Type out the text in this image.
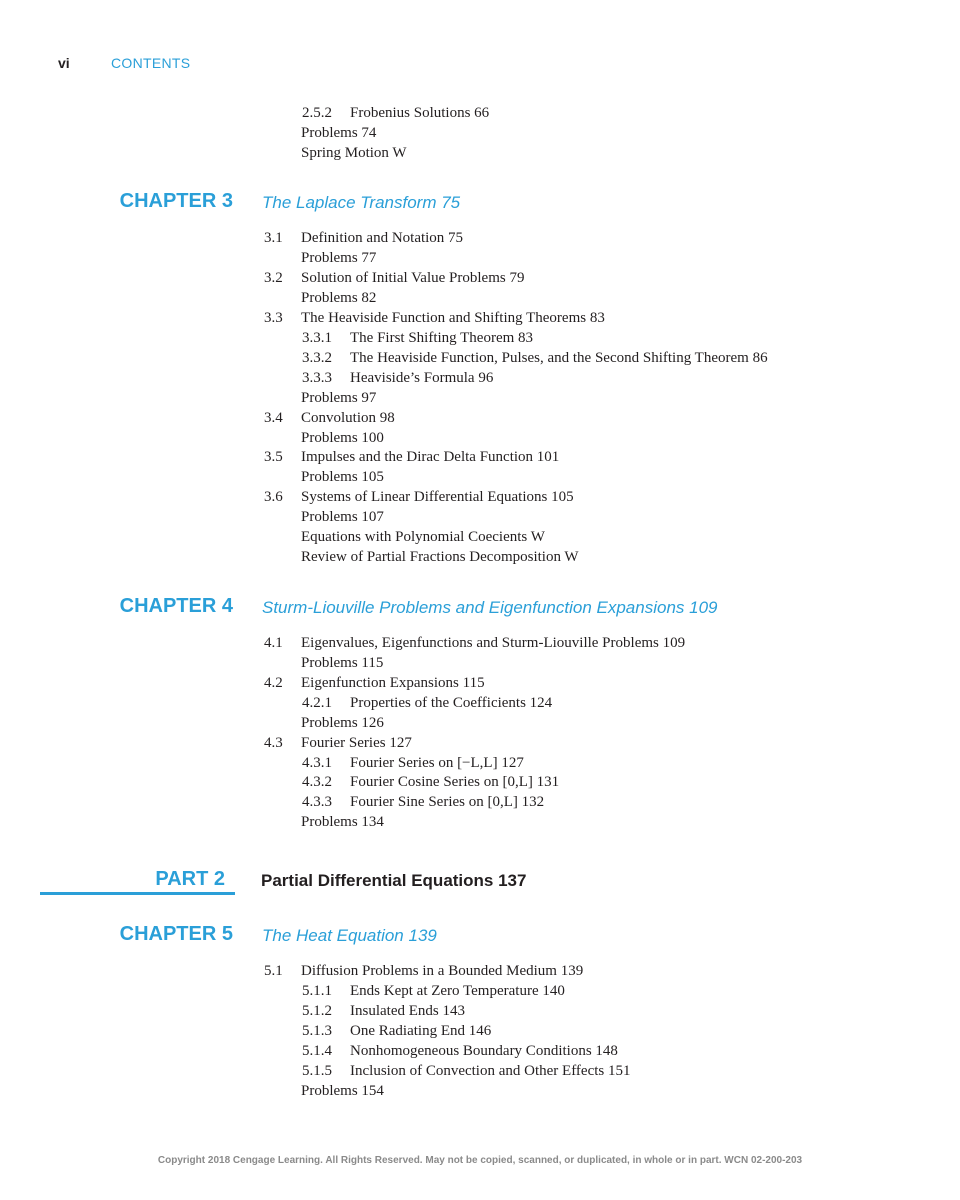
vi	CONTENTS
CHAPTER 3 The Laplace Transform 75
CHAPTER 4 Sturm-Liouville Problems and Eigenfunction Expansions 109
PART 2 Partial Differential Equations 137
CHAPTER 5 The Heat Equation 139
2.5.2 Frobenius Solutions 66
Problems 74
Spring Motion W
3.1 Definition and Notation 75
Problems 77
3.2 Solution of Initial Value Problems 79
Problems 82
3.3 The Heaviside Function and Shifting Theorems 83
3.3.1 The First Shifting Theorem 83
3.3.2 The Heaviside Function, Pulses, and the Second Shifting Theorem 86
3.3.3 Heaviside’s Formula 96
Problems 97
3.4 Convolution 98
Problems 100
3.5 Impulses and the Dirac Delta Function 101
Problems 105
3.6 Systems of Linear Differential Equations 105
Problems 107
Equations with Polynomial Coecients W
Review of Partial Fractions Decomposition W
4.1 Eigenvalues, Eigenfunctions and Sturm-Liouville Problems 109
Problems 115
4.2 Eigenfunction Expansions 115
4.2.1 Properties of the Coefficients 124
Problems 126
4.3 Fourier Series 127
4.3.1 Fourier Series on [−L,L] 127
4.3.2 Fourier Cosine Series on [0,L] 131
4.3.3 Fourier Sine Series on [0,L] 132
Problems 134
5.1 Diffusion Problems in a Bounded Medium 139
5.1.1 Ends Kept at Zero Temperature 140
5.1.2 Insulated Ends 143
5.1.3 One Radiating End 146
5.1.4 Nonhomogeneous Boundary Conditions 148
5.1.5 Inclusion of Convection and Other Effects 151
Problems 154
Copyright 2018 Cengage Learning. All Rights Reserved. May not be copied, scanned, or duplicated, in whole or in part. WCN 02-200-203
